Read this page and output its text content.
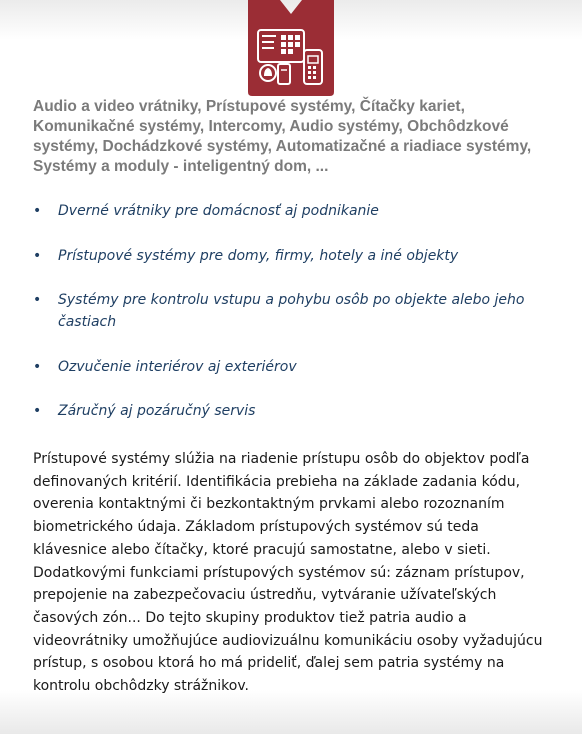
Audio a video vrátniky, Prístupové systémy, Čítačky kariet, Komunikačné systémy, Intercomy, Audio systémy, Obchôdzkové systémy, Dochádzkové systémy, Automatizačné a riadiace systémy, Systémy a moduly - inteligentný dom, ...

• Dverné vrátniky pre domácnosť aj podnikanie
• Prístupové systémy pre domy, firmy, hotely a iné objekty
• Systémy pre kontrolu vstupu a pohybu osôb po objekte alebo jeho častiach
• Ozvučenie interiérov aj exteriérov
• Záručný aj pozáručný servis

Prístupové systémy slúžia na riadenie prístupu osôb do objektov podľa definovaných kritérií. Identifikácia prebieha na základe zadania kódu, overenia kontaktnými či bezkontaktným prvkami alebo rozoznaním biometrického údaja. Základom prístupových systémov sú teda klávesnice alebo čítačky, ktoré pracujú samostatne, alebo v sieti. Dodatkovými funkciami prístupových systémov sú: záznam prístupov, prepojenie na zabezpečovaciu ústredňu, vytváranie užívateľských časových zón... Do tejto skupiny produktov tiež patria audio a videovrátniky umožňujúce audiovizuálnu komunikáciu osoby vyžadujúcu prístup, s osobou ktorá ho má prideliť, ďalej sem patria systémy na kontrolu obchôdzky strážnikov.
